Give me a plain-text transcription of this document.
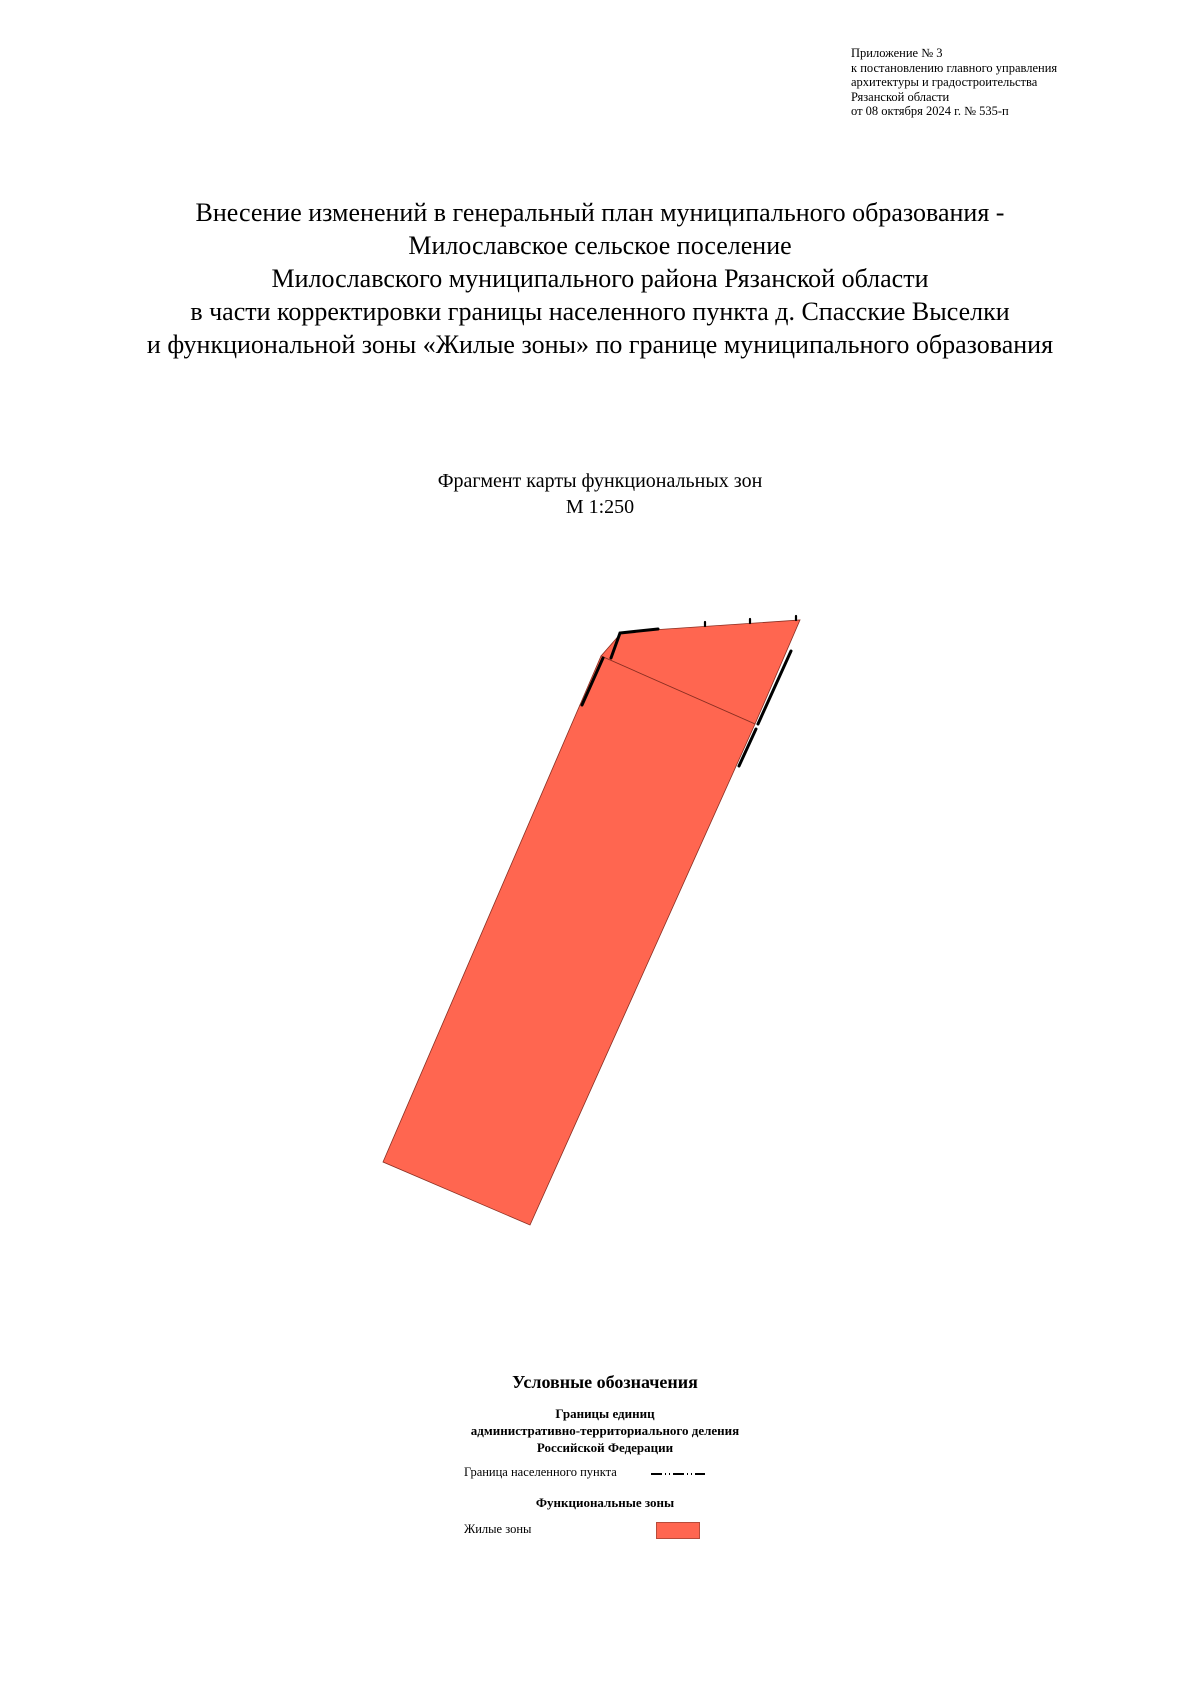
Приложение № 3
к постановлению главного управления
архитектуры и градостроительства
Рязанской области
от 08 октября 2024 г. № 535-п
Внесение изменений в генеральный план муниципального образования -
Милославское сельское поселение
Милославского муниципального района Рязанской области
в части корректировки границы населенного пункта д. Спасские Выселки
и функциональной зоны «Жилые зоны» по границе муниципального образования
Фрагмент карты функциональных зон
М 1:250
Условные обозначения
Границы единиц
административно-территориального деления
Российской Федерации
Граница населенного пункта
Функциональные зоны
Жилые зоны
